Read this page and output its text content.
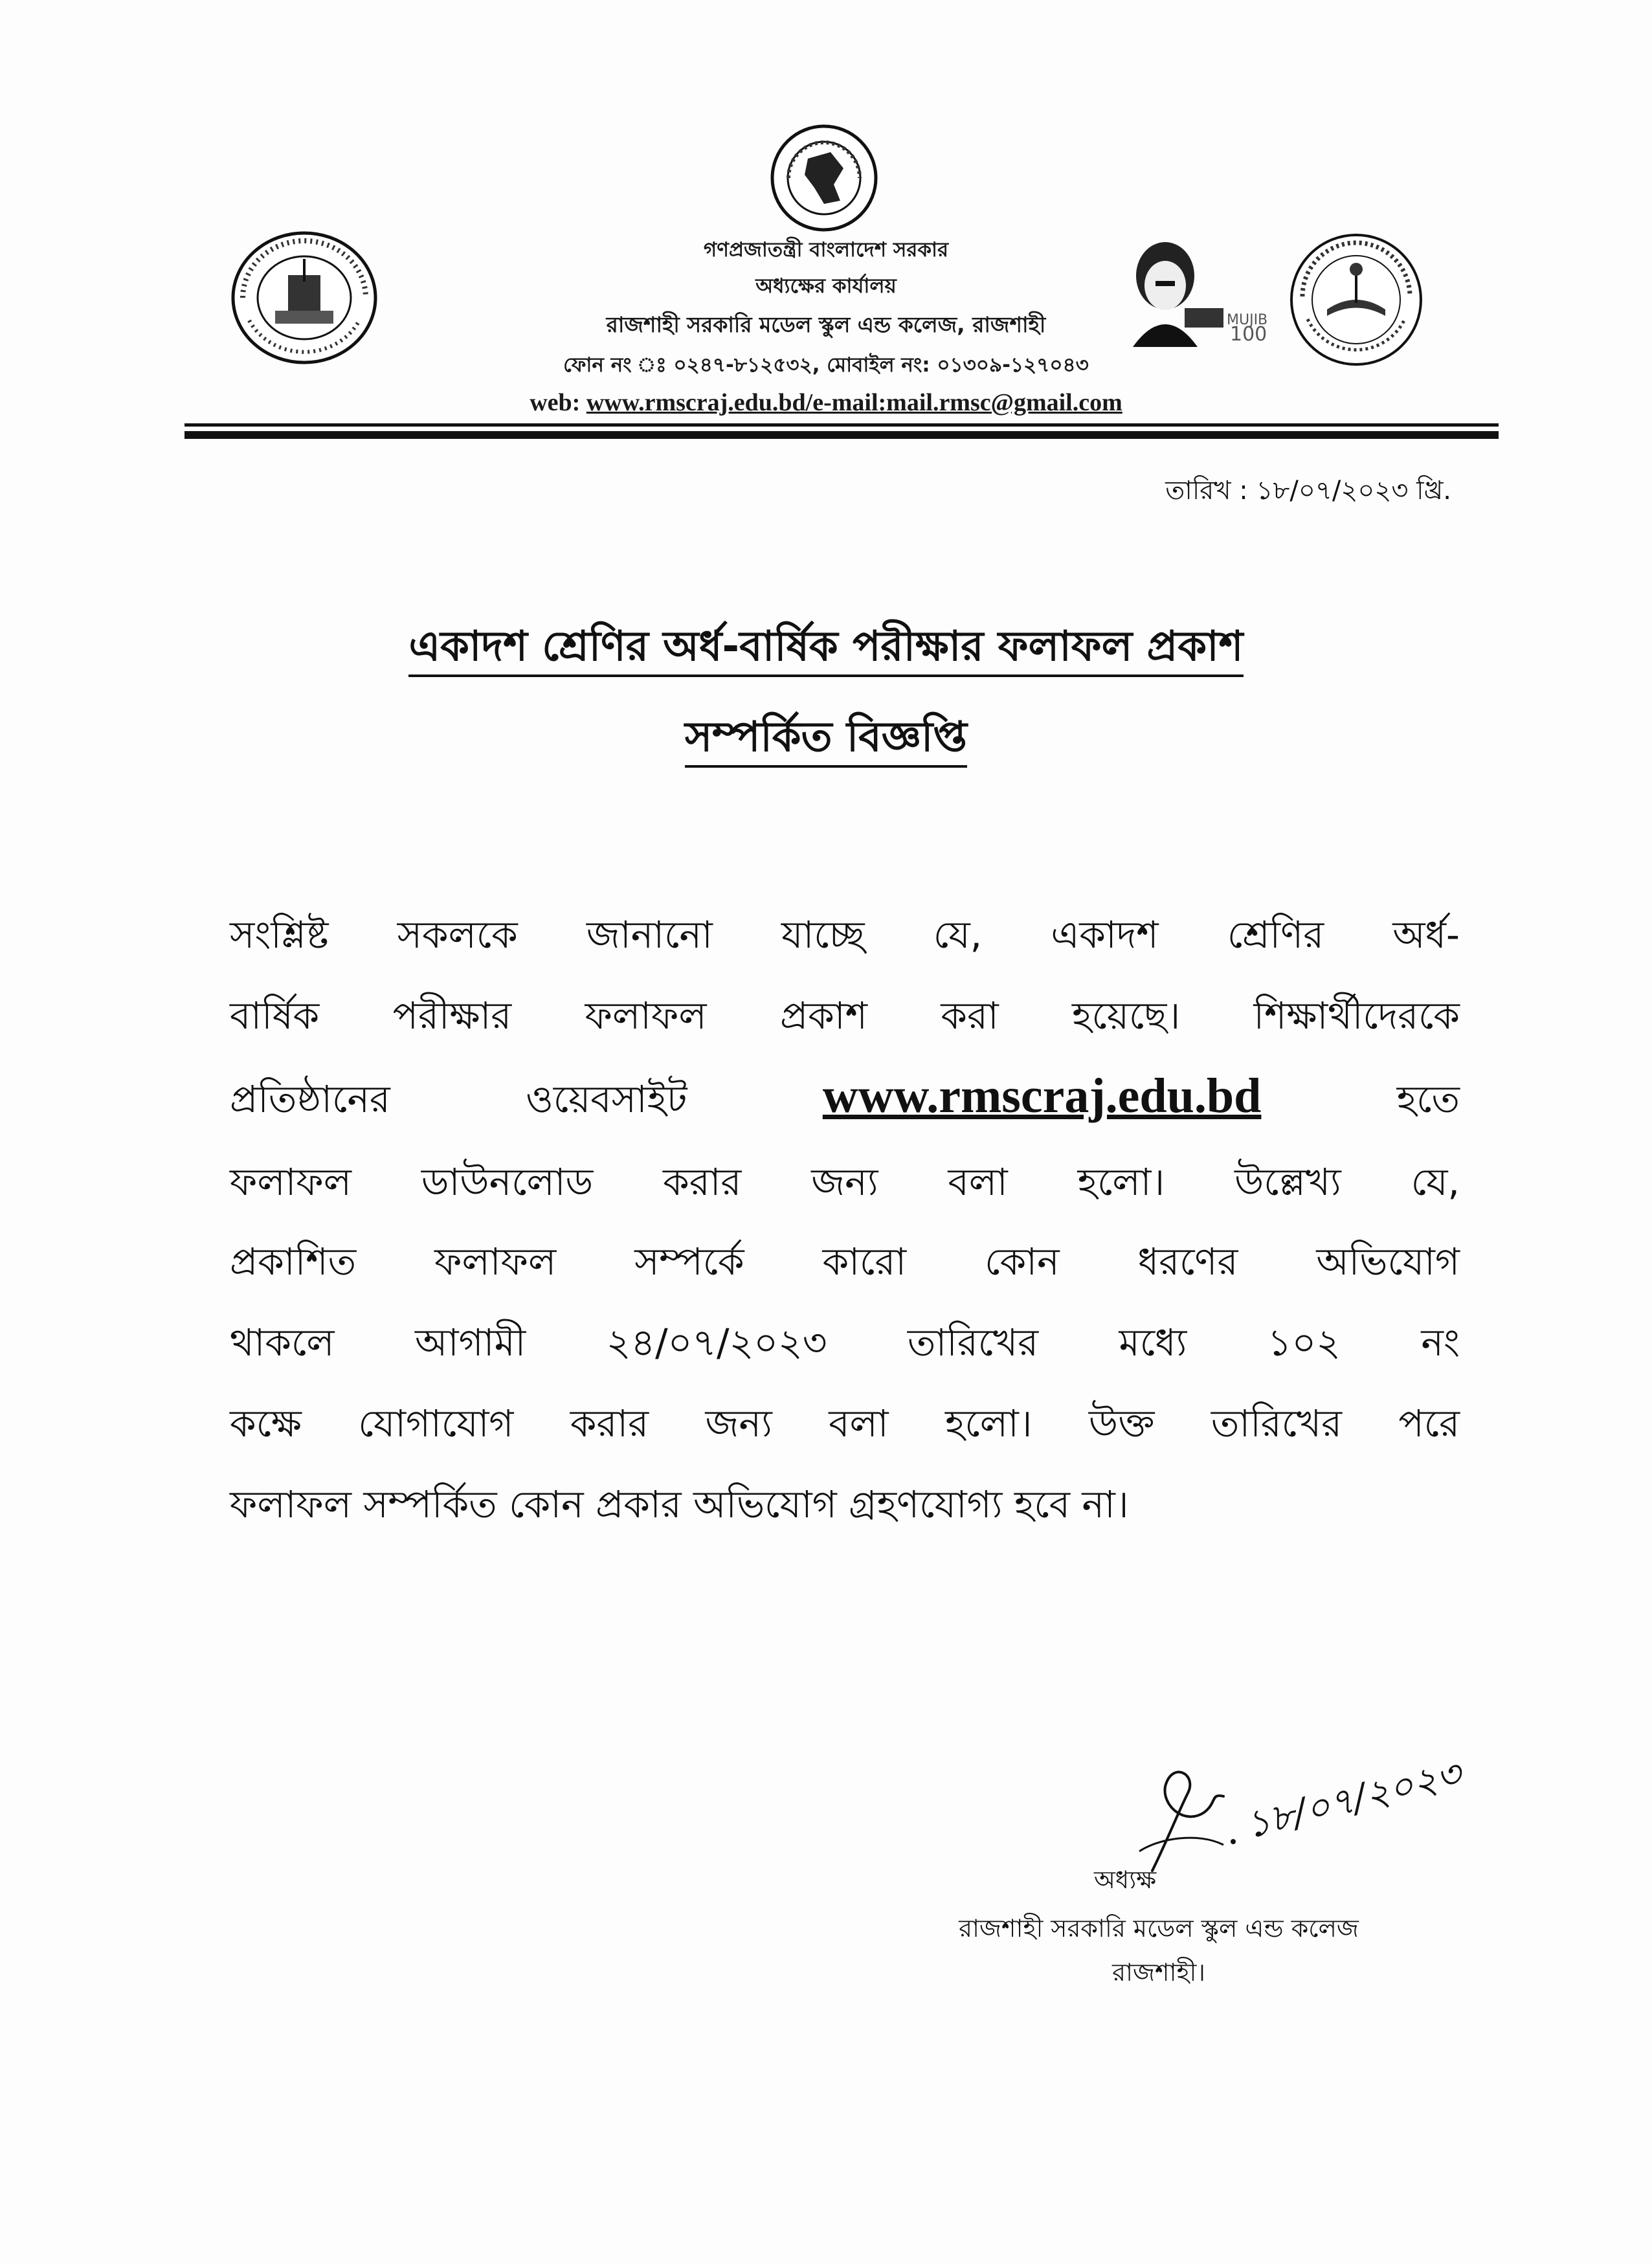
MUJIB
100
গণপ্রজাতন্ত্রী বাংলাদেশ সরকার
অধ্যক্ষের কার্যালয়
রাজশাহী সরকারি মডেল স্কুল এন্ড কলেজ, রাজশাহী
ফোন নং ঃ ০২৪৭-৮১২৫৩২, মোবাইল নং: ০১৩০৯-১২৭০৪৩
web: www.rmscraj.edu.bd/e-mail:mail.rmsc@gmail.com
তারিখ : ১৮/০৭/২০২৩ খ্রি.
একাদশ শ্রেণির অর্ধ-বার্ষিক পরীক্ষার ফলাফল প্রকাশ
সম্পর্কিত বিজ্ঞপ্তি
সংশ্লিষ্ট সকলকে জানানো যাচ্ছে যে, একাদশ শ্রেণির অর্ধ-
বার্ষিক পরীক্ষার ফলাফল প্রকাশ করা হয়েছে। শিক্ষার্থীদেরকে
প্রতিষ্ঠানের ওয়েবসাইট	www.rmscraj.edu.bd	হতে
ফলাফল ডাউনলোড করার জন্য বলা হলো। উল্লেখ্য যে,
প্রকাশিত ফলাফল সম্পর্কে কারো কোন ধরণের অভিযোগ
থাকলে আগামী ২৪/০৭/২০২৩ তারিখের মধ্যে ১০২ নং
কক্ষে যোগাযোগ করার জন্য বলা হলো। উক্ত তারিখের পরে
ফলাফল সম্পর্কিত কোন প্রকার অভিযোগ গ্রহণযোগ্য হবে না।
১৮/০৭/২০২৩
অধ্যক্ষ
রাজশাহী সরকারি মডেল স্কুল এন্ড কলেজ
রাজশাহী।
